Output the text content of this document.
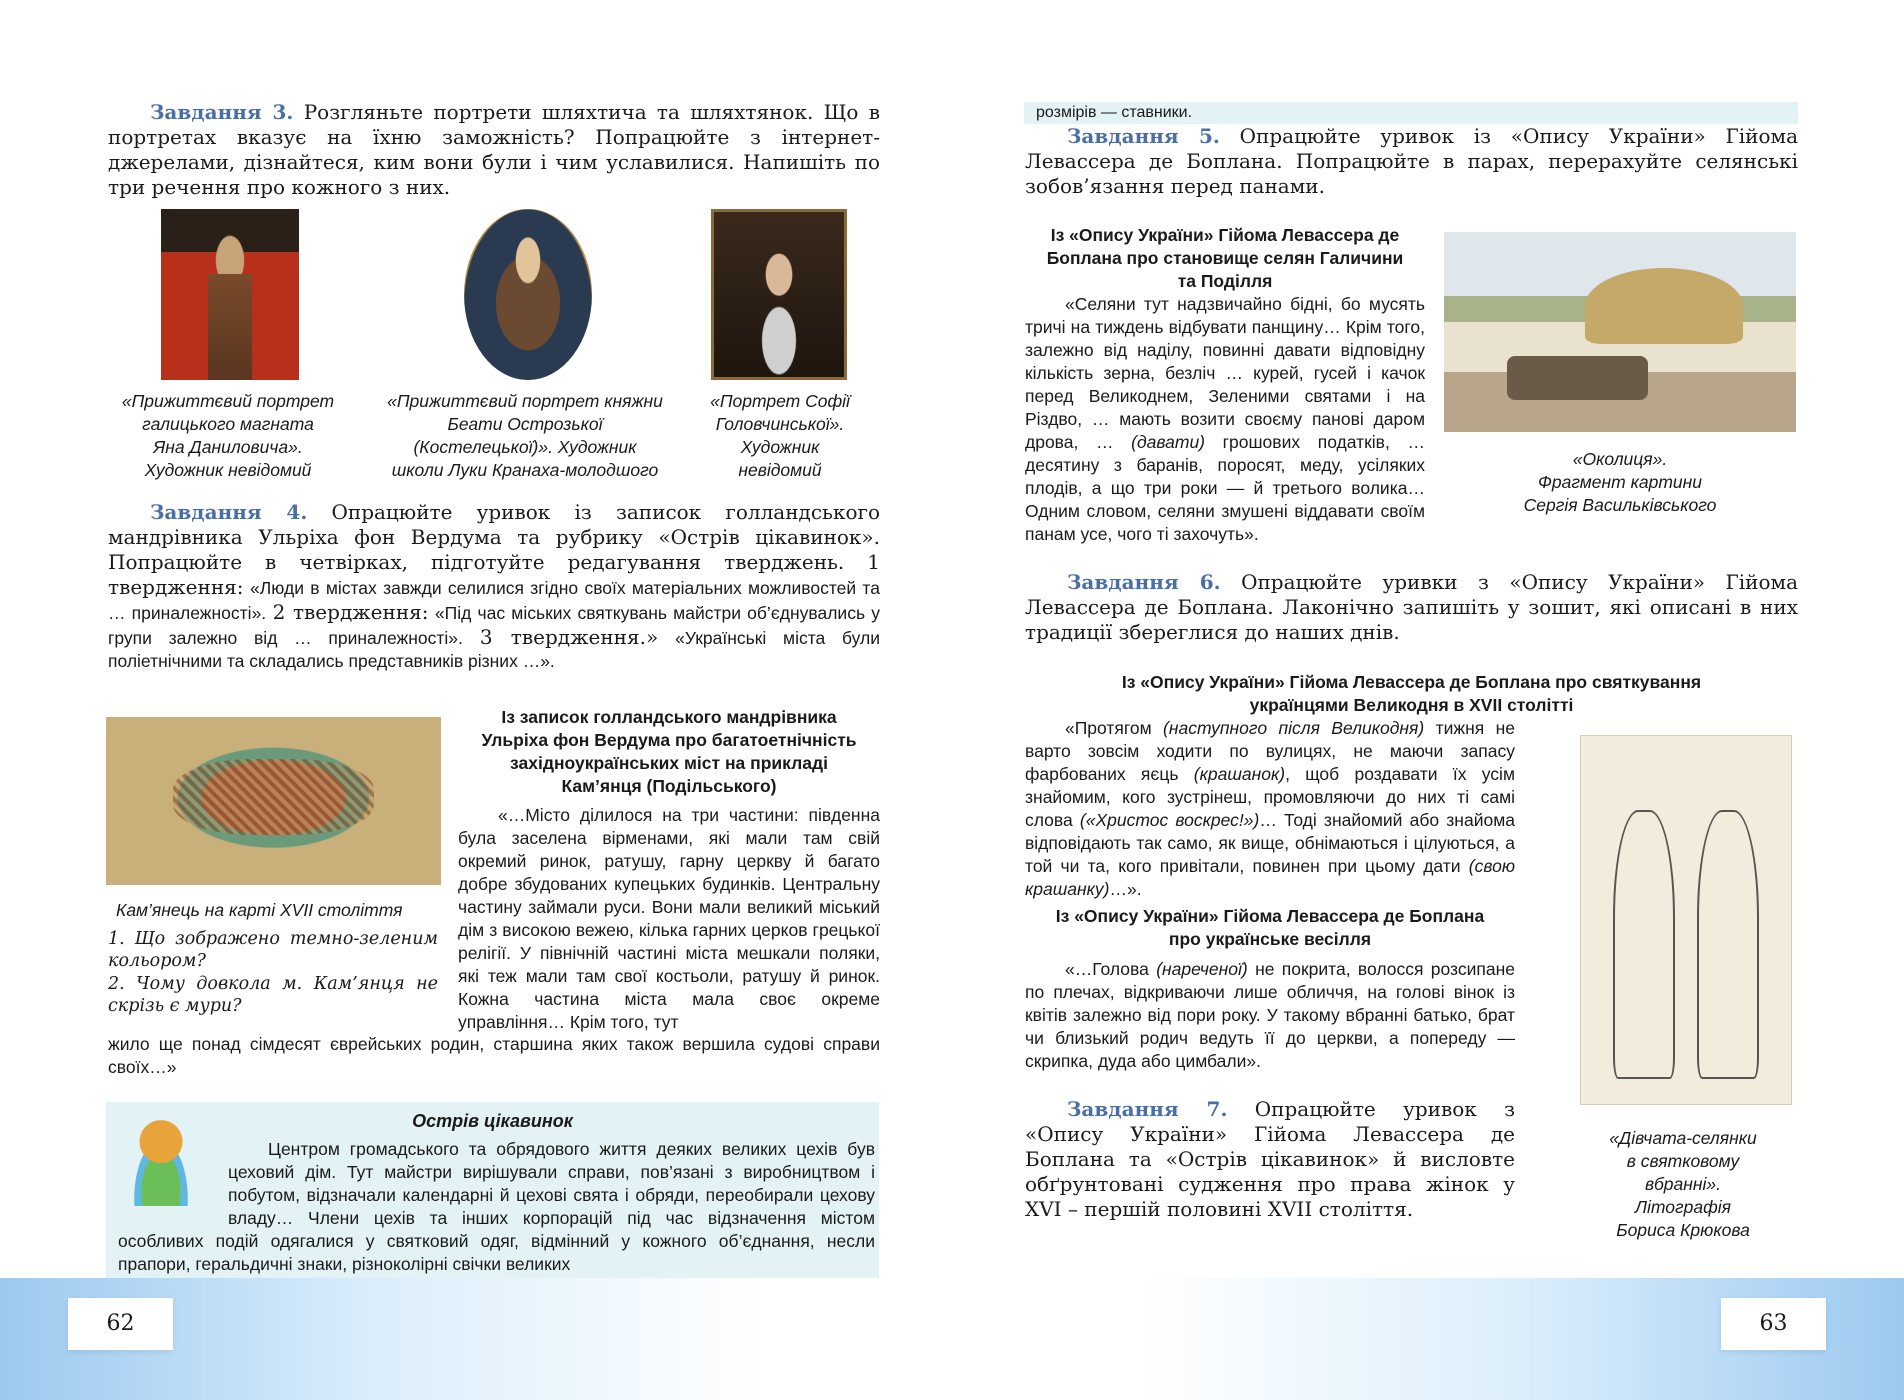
Завдання 3. Розгляньте портрети шляхтича та шляхтянок. Що в портретах вказує на їхню заможність? Попрацюйте з інтернет-джерелами, дізнайтеся, ким вони були і чим уславилися. Напишіть по три речення про кожного з них.
«Прижиттєвий портрет
галицького магната
Яна Даниловича».
Художник невідомий
«Прижиттєвий портрет княжни
Беати Острозької
(Костелецької)». Художник
школи Луки Кранаха-молодшого
«Портрет Софії
Головчинської».
Художник
невідомий
Завдання 4. Опрацюйте уривок із записок голландського мандрівника Ульріха фон Вердума та рубрику «Острів цікавинок». Попрацюйте в четвірках, підготуйте редагування тверджень. 1 твердження: «Люди в містах завжди селилися згідно своїх матеріальних можливостей та … приналежності». 2 твердження: «Під час міських святкувань майстри об’єднувались у групи залежно від … приналежності». 3 твердження.» «Українські міста були поліетнічними та складались представників різних …».
Кам’янець на карті XVII століття
1. Що зображено темно-зеленим кольором?
2. Чому довкола м. Кам’янця не скрізь є мури?
Із записок голландського мандрівника
Ульріха фон Вердума про багатоетнічність
західноукраїнських міст на прикладі
Кам’янця (Подільського)
«…Місто ділилося на три частини: південна була заселена вірменами, які мали там свій окремий ринок, ратушу, гарну церкву й багато добре збудованих купецьких будинків. Центральну частину займали руси. Вони мали великий міський дім з високою вежею, кілька гарних церков грецької релігії. У північній частині міста мешкали поляки, які теж мали там свої костьоли, ратушу й ринок. Кожна частина міста мала своє окреме управління… Крім того, тут
жило ще понад сімдесят єврейських родин, старшина яких також вершила судові справи своїх…»
Острів цікавинок
Центром громадського та обрядового життя деяких великих цехів був цеховий дім. Тут майстри вирішували справи, пов’язані з виробництвом і побутом, відзначали календарні й цехові свята і обряди, переобирали цехову владу… Члени цехів та інших корпорацій під час відзначення містом особливих подій одягалися у святковий одяг, відмінний у кожного об’єднання, несли прапори, геральдичні знаки, різноколірні свічки великих
62
розмірів — ставники.
Завдання 5. Опрацюйте уривок із «Опису України» Гійома Левассера де Боплана. Попрацюйте в парах, перерахуйте селянські зобов’язання перед панами.
Із «Опису України» Гійома Левассера де
Боплана про становище селян Галичини
та Поділля
«Селяни тут надзвичайно бідні, бо мусять тричі на тиждень відбувати панщину… Крім того, залежно від наділу, повинні давати відповідну кількість зерна, безліч … курей, гусей і качок перед Великоднем, Зеленими святами і на Різдво, … мають возити своєму панові даром дрова, … (давати) грошових податків, … десятину з баранів, поросят, меду, усіляких плодів, а що три роки — й третього волика… Одним словом, селяни змушені віддавати своїм панам усе, чого ті захочуть».
«Околиця».
Фрагмент картини
Сергія Васильківського
Завдання 6. Опрацюйте уривки з «Опису України» Гійома Левассера де Боплана. Лаконічно запишіть у зошит, які описані в них традиції збереглися до наших днів.
Із «Опису України» Гійома Левассера де Боплана про святкування
українцями Великодня в XVII столітті
«Протягом (наступного після Великодня) тижня не варто зовсім ходити по вулицях, не маючи запасу фарбованих яєць (крашанок), щоб роздавати їх усім знайомим, кого зустрінеш, промовляючи до них ті самі слова («Христос воскрес!»)… Тоді знайомий або знайома відповідають так само, як вище, обнімаються і цілуються, а той чи та, кого привітали, повинен при цьому дати (свою крашанку)…».
Із «Опису України» Гійома Левассера де Боплана
про українське весілля
«…Голова (нареченої) не покрита, волосся розсипане по плечах, відкриваючи лише обличчя, на голові вінок із квітів залежно від пори року. У такому вбранні батько, брат чи близький родич ведуть її до церкви, а попереду — скрипка, дуда або цимбали».
Завдання 7. Опрацюйте уривок з «Опису України» Гійома Левассера де Боплана та «Острів цікавинок» й висловте обґрунтовані судження про права жінок у XVI – першій половині XVII століття.
«Дівчата-селянки
в святковому
вбранні».
Літографія
Бориса Крюкова
63
